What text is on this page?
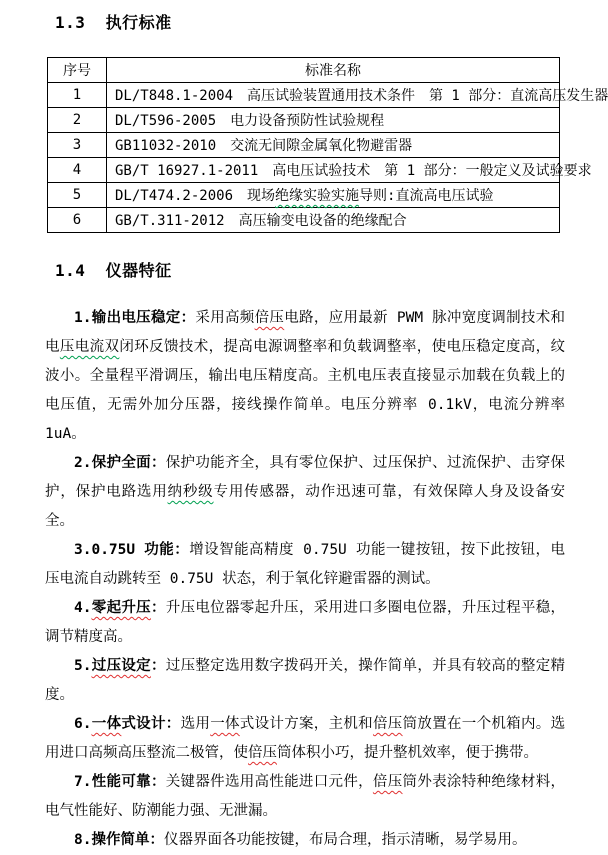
1.3  执行标准
序号	标准名称
1	DL/T848.1-2004　高压试验装置通用技术条件　第 1 部分：直流高压发生器
2	DL/T596-2005　电力设备预防性试验规程
3	GB11032-2010　交流无间隙金属氧化物避雷器
4	GB/T 16927.1-2011　高电压试验技术　第 1 部分：一般定义及试验要求
5	DL/T474.2-2006　现场绝缘实验实施导则:直流高电压试验
6	GB/T.311-2012　高压输变电设备的绝缘配合
1.4  仪器特征

1.输出电压稳定：采用高频倍压电路，应用最新 PWM 脉冲宽度调制技术和电压电流双闭环反馈技术，提高电源调整率和负载调整率，使电压稳定度高，纹波小。全量程平滑调压，输出电压精度高。主机电压表直接显示加载在负载上的电压值，无需外加分压器，接线操作简单。电压分辨率 0.1kV，电流分辨率 1uA。

2.保护全面：保护功能齐全，具有零位保护、过压保护、过流保护、击穿保护，保护电路选用纳秒级专用传感器，动作迅速可靠，有效保障人身及设备安全。

3.0.75U 功能：增设智能高精度 0.75U 功能一键按钮，按下此按钮，电压电流自动跳转至 0.75U 状态，利于氧化锌避雷器的测试。

4.零起升压：升压电位器零起升压，采用进口多圈电位器，升压过程平稳，调节精度高。

5.过压设定：过压整定选用数字拨码开关，操作简单，并具有较高的整定精度。

6.一体式设计：选用一体式设计方案，主机和倍压筒放置在一个机箱内。选用进口高频高压整流二极管，使倍压筒体积小巧，提升整机效率，便于携带。

7.性能可靠：关键器件选用高性能进口元件，倍压筒外表涂特种绝缘材料，电气性能好、防潮能力强、无泄漏。

8.操作简单：仪器界面各功能按键，布局合理，指示清晰，易学易用。
